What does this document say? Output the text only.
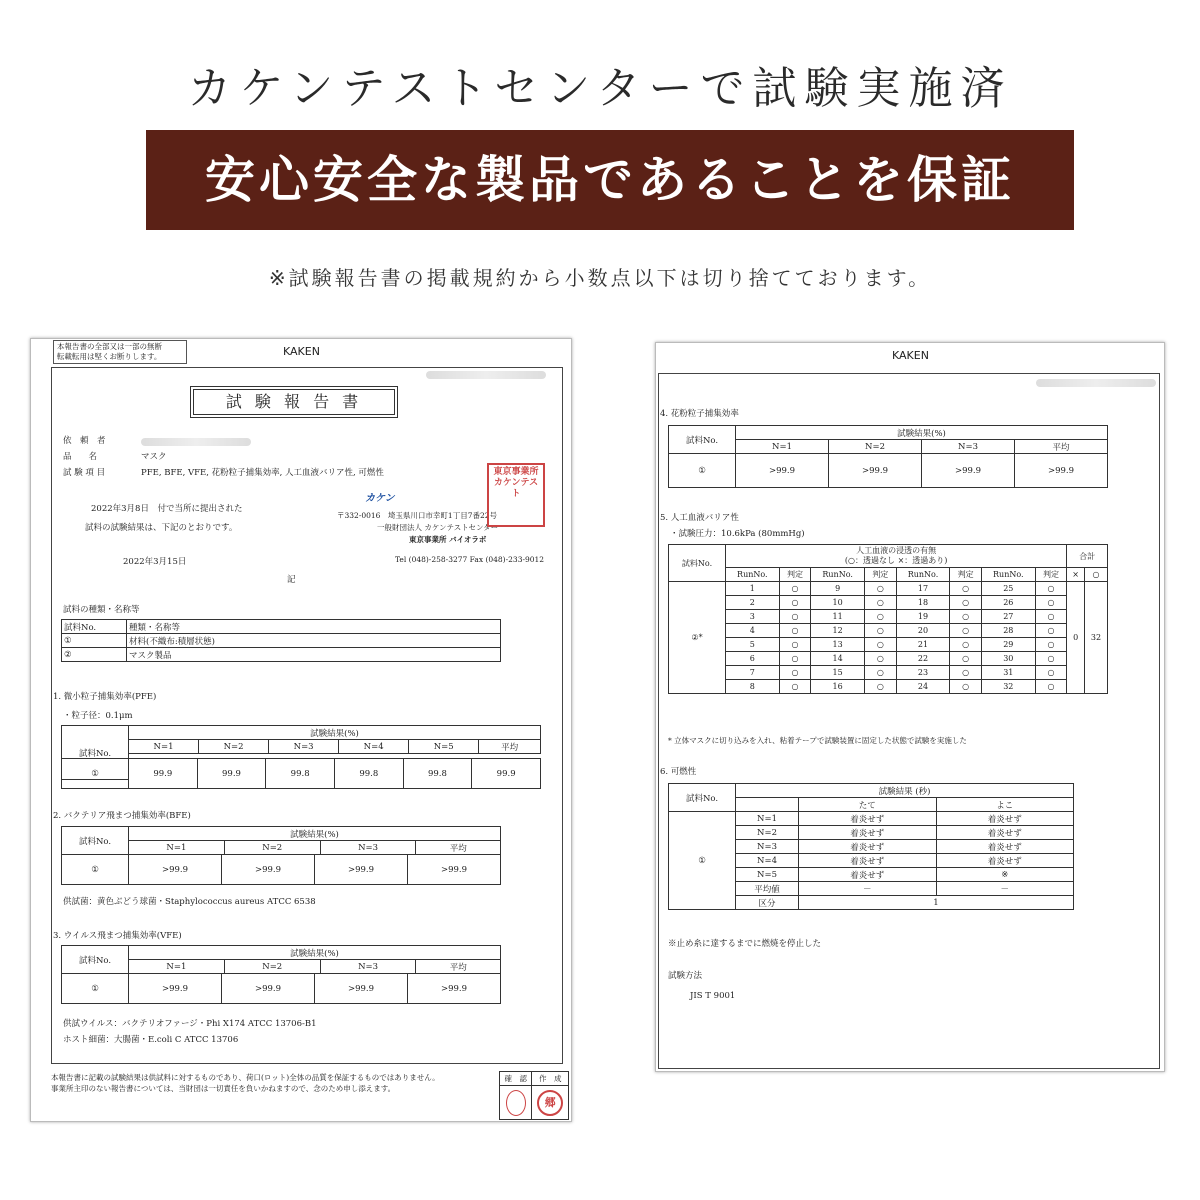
カケンテストセンターで試験実施済
安心安全な製品であることを保証
※試験報告書の掲載規約から小数点以下は切り捨てております。
本報告書の全部又は一部の無断
転載転用は堅くお断りします。	KAKEN
試 験 報 告 書
依　頼　者
品　　名	マスク
試 験 項 目	PFE, BFE, VFE, 花粉粒子捕集効率, 人工血液バリア性, 可燃性
2022年3月8日　付で当所に提出された
試料の試験結果は、下記のとおりです。
2022年3月15日
カケン
〒332-0016　埼玉県川口市幸町1丁目7番22号
一般財団法人 カケンテストセンター
東京事業所 バイオラボ
Tel (048)-258-3277 Fax (048)-233-9012
東京事業所カケンテスト
記
試料の種類・名称等
試料No.	種類・名称等
①	材料(不織布:積層状態)
②	マスク製品
1. 微小粒子捕集効率(PFE)
・粒子径：0.1μm
試料No.	試験結果(%)					
	N=1	N=2	N=3	N=4	N=5	平均

①	99.9	99.9	99.8	99.8	99.8	99.9
2. バクテリア飛まつ捕集効率(BFE)
試料No.	試験結果(%)			
	N=1	N=2	N=3	平均
①	>99.9	>99.9	>99.9	>99.9
供試菌：黄色ぶどう球菌・Staphylococcus aureus ATCC 6538
3. ウイルス飛まつ捕集効率(VFE)
試料No.	試験結果(%)			
	N=1	N=2	N=3	平均
①	>99.9	>99.9	>99.9	>99.9
供試ウイルス：バクテリオファージ・Phi X174 ATCC 13706-B1
ホスト細菌：大腸菌・E.coli C ATCC 13706
本報告書に記載の試験結果は供試料に対するものであり、荷口(ロット)全体の品質を保証するものではありません。
事業所主印のない報告書については、当財団は一切責任を負いかねますので、念のため申し添えます。
確　認	作　成

	郷
KAKEN
4. 花粉粒子捕集効率
試料No.	試験結果(%)			
	N=1	N=2	N=3	平均
①	>99.9	>99.9	>99.9	>99.9
5. 人工血液バリア性
・試験圧力：10.6kPa (80mmHg)
試料No.	人工血液の浸透の有無
(○：透過なし ×：透過あり)								合計	

	RunNo.	判定	RunNo.	判定	RunNo.	判定	RunNo.	判定	×	○
②*	1	○	9	○	17	○	25	○	0	32
	2	○	10	○	18	○	26	○		
	3	○	11	○	19	○	27	○		
	4	○	12	○	20	○	28	○		
	5	○	13	○	21	○	29	○		
	6	○	14	○	22	○	30	○		
	7	○	15	○	23	○	31	○		
	8	○	16	○	24	○	32	○		
* 立体マスクに切り込みを入れ、粘着テープで試験装置に固定した状態で試験を実施した
6. 可燃性
試料No.	試験結果 (秒)		
		たて	よこ
①	N=1	着炎せず	着炎せず
	N=2	着炎せず	着炎せず
	N=3	着炎せず	着炎せず
	N=4	着炎せず	着炎せず
	N=5	着炎せず	※
	平均値	－	－
	区分	1	
※止め糸に達するまでに燃焼を停止した
試験方法
JIS T 9001
